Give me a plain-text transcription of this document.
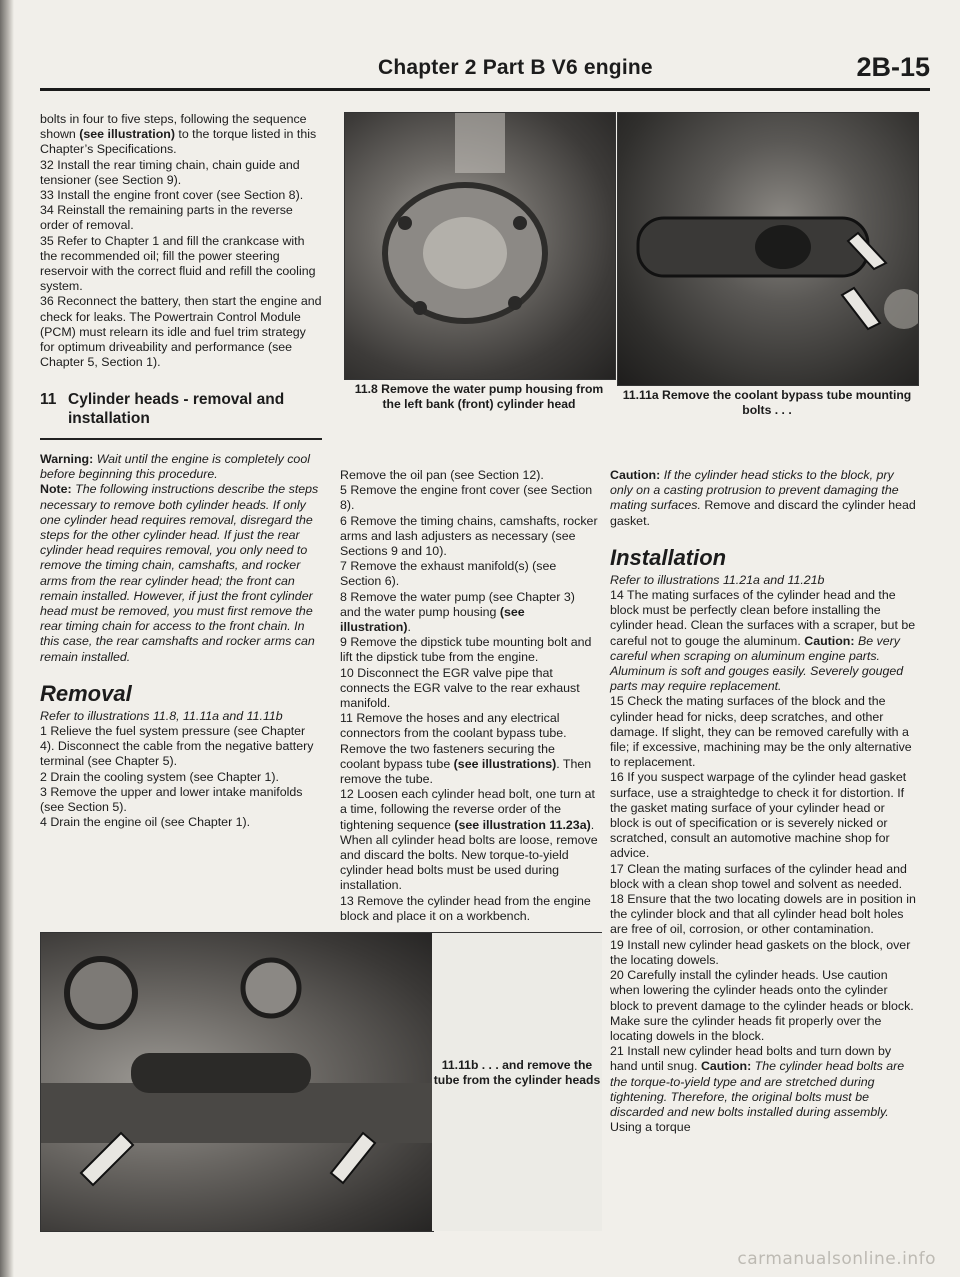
Chapter 2 Part B V6 engine	2B-15

bolts in four to five steps, following the sequence shown (see illustration) to the torque listed in this Chapter’s Specifications.

32 Install the rear timing chain, chain guide and tensioner (see Section 9).

33 Install the engine front cover (see Section 8).

34 Reinstall the remaining parts in the reverse order of removal.

35 Refer to Chapter 1 and fill the crankcase with the recommended oil; fill the power steering reservoir with the correct fluid and refill the cooling system.

36 Reconnect the battery, then start the engine and check for leaks. The Powertrain Control Module (PCM) must relearn its idle and fuel trim strategy for optimum driveability and performance (see Chapter 5, Section 1).

11 Cylinder heads - removal and installation

Warning: Wait until the engine is completely cool before beginning this procedure.

Note: The following instructions describe the steps necessary to remove both cylinder heads. If only one cylinder head requires removal, disregard the steps for the other cylinder head. If just the rear cylinder head requires removal, you only need to remove the timing chain, camshafts, and rocker arms from the rear cylinder head; the front can remain installed. However, if just the front cylinder head must be removed, you must first remove the rear timing chain for access to the front chain. In this case, the rear camshafts and rocker arms can remain installed.

Removal

Refer to illustrations 11.8, 11.11a and 11.11b

1 Relieve the fuel system pressure (see Chapter 4). Disconnect the cable from the negative battery terminal (see Chapter 5).

2 Drain the cooling system (see Chapter 1).

3 Remove the upper and lower intake manifolds (see Section 5).

4 Drain the engine oil (see Chapter 1).

11.8 Remove the water pump housing from the left bank (front) cylinder head
11.11a Remove the coolant bypass tube mounting bolts . . .
11.11b . . . and remove the tube from the cylinder heads

Remove the oil pan (see Section 12).

5 Remove the engine front cover (see Section 8).

6 Remove the timing chains, camshafts, rocker arms and lash adjusters as necessary (see Sections 9 and 10).

7 Remove the exhaust manifold(s) (see Section 6).

8 Remove the water pump (see Chapter 3) and the water pump housing (see illustration).

9 Remove the dipstick tube mounting bolt and lift the dipstick tube from the engine.

10 Disconnect the EGR valve pipe that connects the EGR valve to the rear exhaust manifold.

11 Remove the hoses and any electrical connectors from the coolant bypass tube. Remove the two fasteners securing the coolant bypass tube (see illustrations). Then remove the tube.

12 Loosen each cylinder head bolt, one turn at a time, following the reverse order of the tightening sequence (see illustration 11.23a). When all cylinder head bolts are loose, remove and discard the bolts. New torque-to-yield cylinder head bolts must be used during installation.

13 Remove the cylinder head from the engine block and place it on a workbench.

Caution: If the cylinder head sticks to the block, pry only on a casting protrusion to prevent damaging the mating surfaces. Remove and discard the cylinder head gasket.

Installation

Refer to illustrations 11.21a and 11.21b

14 The mating surfaces of the cylinder head and the block must be perfectly clean before installing the cylinder head. Clean the surfaces with a scraper, but be careful not to gouge the aluminum. Caution: Be very careful when scraping on aluminum engine parts. Aluminum is soft and gouges easily. Severely gouged parts may require replacement.

15 Check the mating surfaces of the block and the cylinder head for nicks, deep scratches, and other damage. If slight, they can be removed carefully with a file; if excessive, machining may be the only alternative to replacement.

16 If you suspect warpage of the cylinder head gasket surface, use a straightedge to check it for distortion. If the gasket mating surface of your cylinder head or block is out of specification or is severely nicked or scratched, consult an automotive machine shop for advice.

17 Clean the mating surfaces of the cylinder head and block with a clean shop towel and solvent as needed.

18 Ensure that the two locating dowels are in position in the cylinder block and that all cylinder head bolt holes are free of oil, corrosion, or other contamination.

19 Install new cylinder head gaskets on the block, over the locating dowels.

20 Carefully install the cylinder heads. Use caution when lowering the cylinder heads onto the cylinder block to prevent damage to the cylinder heads or block. Make sure the cylinder heads fit properly over the locating dowels in the block.

21 Install new cylinder head bolts and turn down by hand until snug. Caution: The cylinder head bolts are the torque-to-yield type and are stretched during tightening. Therefore, the original bolts must be discarded and new bolts installed during assembly. Using a torque

carmanualsonline.info
